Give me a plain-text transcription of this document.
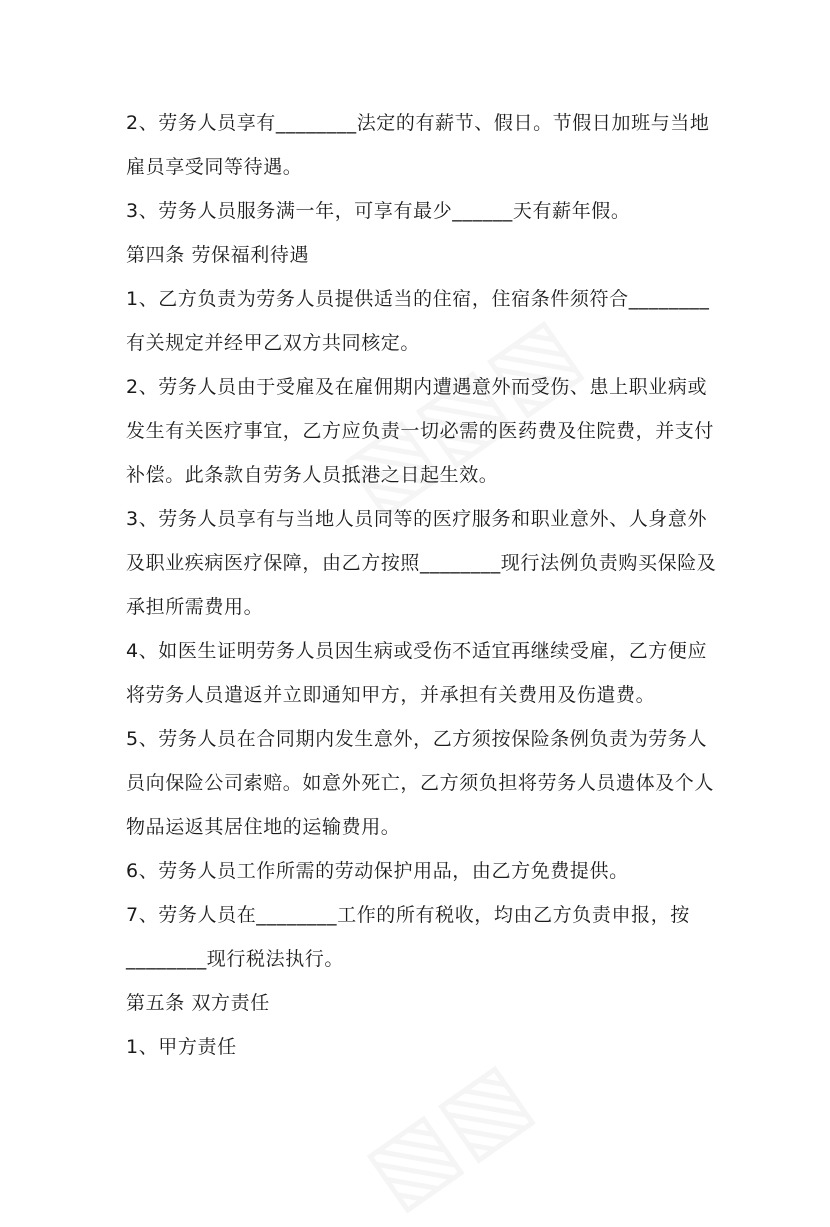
2、劳务人员享有________法定的有薪节、假日。节假日加班与当地
雇员享受同等待遇。
3、劳务人员服务满一年，可享有最少______天有薪年假。
第四条 劳保福利待遇
1、乙方负责为劳务人员提供适当的住宿，住宿条件须符合________
有关规定并经甲乙双方共同核定。
2、劳务人员由于受雇及在雇佣期内遭遇意外而受伤、患上职业病或
发生有关医疗事宜，乙方应负责一切必需的医药费及住院费，并支付
补偿。此条款自劳务人员抵港之日起生效。
3、劳务人员享有与当地人员同等的医疗服务和职业意外、人身意外
及职业疾病医疗保障，由乙方按照________现行法例负责购买保险及
承担所需费用。
4、如医生证明劳务人员因生病或受伤不适宜再继续受雇，乙方便应
将劳务人员遣返并立即通知甲方，并承担有关费用及伤遣费。
5、劳务人员在合同期内发生意外，乙方须按保险条例负责为劳务人
员向保险公司索赔。如意外死亡，乙方须负担将劳务人员遗体及个人
物品运返其居住地的运输费用。
6、劳务人员工作所需的劳动保护用品，由乙方免费提供。
7、劳务人员在________工作的所有税收，均由乙方负责申报，按
________现行税法执行。
第五条 双方责任
1、甲方责任
